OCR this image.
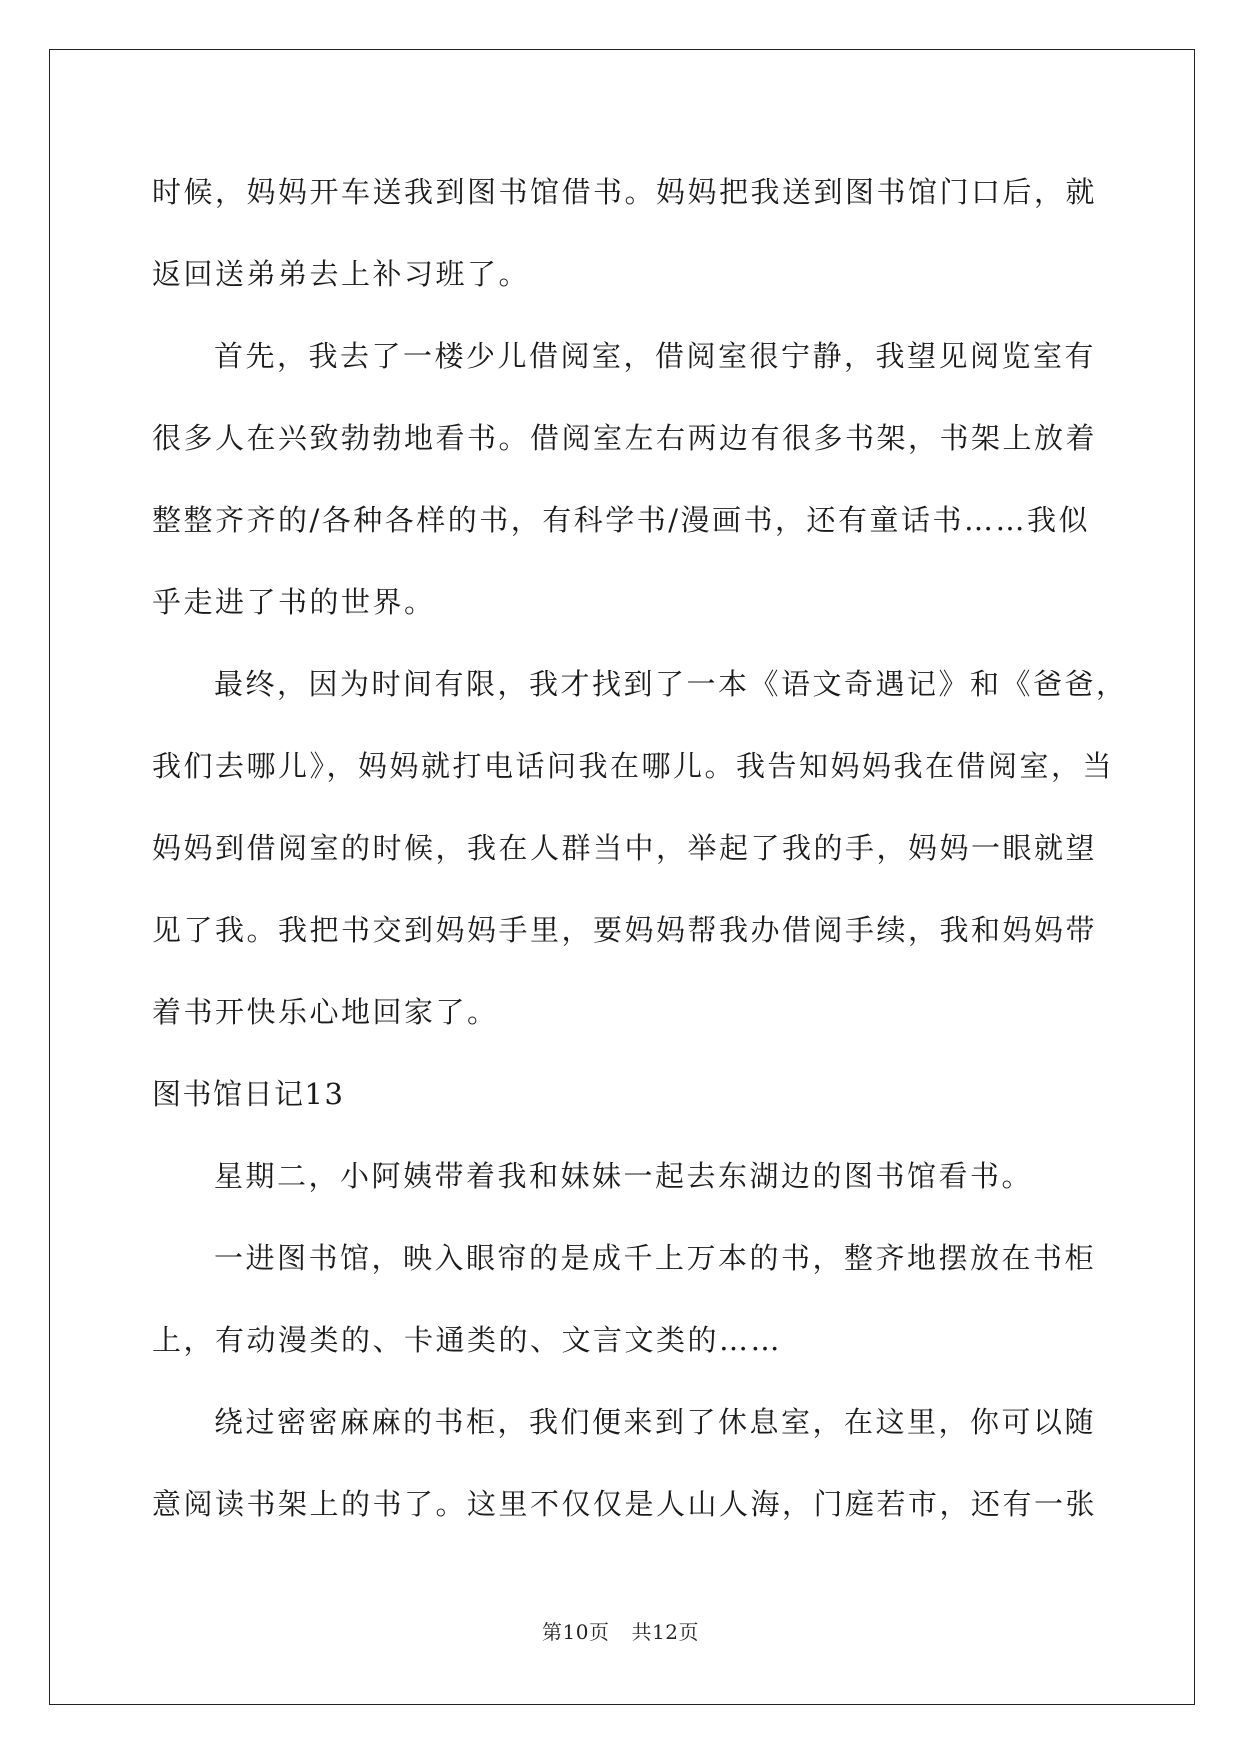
时候，妈妈开车送我到图书馆借书。妈妈把我送到图书馆门口后，就
返回送弟弟去上补习班了。
首先，我去了一楼少儿借阅室，借阅室很宁静，我望见阅览室有
很多人在兴致勃勃地看书。借阅室左右两边有很多书架，书架上放着
整整齐齐的/各种各样的书，有科学书/漫画书，还有童话书……我似
乎走进了书的世界。
最终，因为时间有限，我才找到了一本《语文奇遇记》和《爸爸，
我们去哪儿》，妈妈就打电话问我在哪儿。我告知妈妈我在借阅室，当
妈妈到借阅室的时候，我在人群当中，举起了我的手，妈妈一眼就望
见了我。我把书交到妈妈手里，要妈妈帮我办借阅手续，我和妈妈带
着书开快乐心地回家了。
图书馆日记13
星期二，小阿姨带着我和妹妹一起去东湖边的图书馆看书。
一进图书馆，映入眼帘的是成千上万本的书，整齐地摆放在书柜
上，有动漫类的、卡通类的、文言文类的……
绕过密密麻麻的书柜，我们便来到了休息室，在这里，你可以随
意阅读书架上的书了。这里不仅仅是人山人海，门庭若市，还有一张
第10页 共12页
